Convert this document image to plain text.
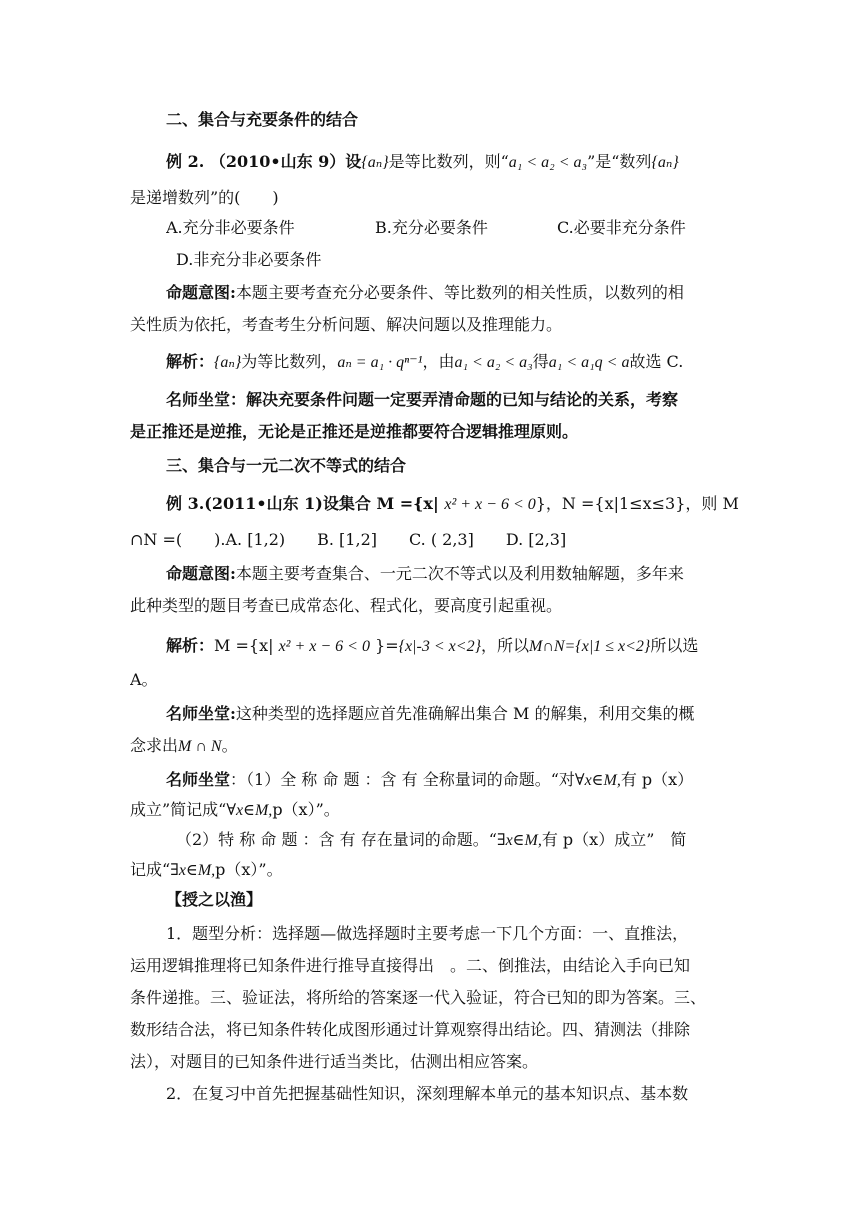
二、集合与充要条件的结合
例 2. （2010•山东 9）设{aₙ}是等比数列，则“a₁ < a₂ < a₃”是“数列{aₙ}
是递增数列”的(　　)
A.充分非必要条件	B.充分必要条件	C.必要非充分条件
D.非充分非必要条件
命题意图:本题主要考查充分必要条件、等比数列的相关性质，以数列的相
关性质为依托，考查考生分析问题、解决问题以及推理能力。
解析：{aₙ}为等比数列，aₙ = a₁ · qⁿ⁻¹，由a₁ < a₂ < a₃得a₁ < a₁q < a故选 C.
名师坐堂：解决充要条件问题一定要弄清命题的已知与结论的关系，考察
是正推还是逆推，无论是正推还是逆推都要符合逻辑推理原则。
三、集合与一元二次不等式的结合
例 3.(2011•山东 1)设集合 M ={x| x² + x − 6 < 0}，N ={x|1≤x≤3}，则 M
∩N =(　　).A. [1,2)　　B. [1,2]　　C. ( 2,3]　　D. [2,3]
命题意图:本题主要考查集合、一元二次不等式以及利用数轴解题，多年来
此种类型的题目考查已成常态化、程式化，要高度引起重视。
解析：M ={x| x² + x − 6 < 0 }={x|-3 < x<2}，所以M∩N={x|1 ≤ x<2}所以选
A。
名师坐堂:这种类型的选择题应首先准确解出集合 M 的解集，利用交集的概
念求出M ∩ N。
名师坐堂：（1）全 称 命 题 ：含 有 全称量词的命题。“对∀x∈M,有 p（x）
成立”简记成“∀x∈M,p（x）”。
（2）特 称 命 题 ：含 有 存在量词的命题。“∃x∈M,有 p（x）成立”　简
记成“∃x∈M,p（x）”。
【授之以渔】
1．题型分析：选择题—做选择题时主要考虑一下几个方面：一、直推法，
运用逻辑推理将已知条件进行推导直接得出　。二、倒推法，由结论入手向已知
条件递推。三、验证法，将所给的答案逐一代入验证，符合已知的即为答案。三、
数形结合法，将已知条件转化成图形通过计算观察得出结论。四、猜测法（排除
法），对题目的已知条件进行适当类比，估测出相应答案。
2．在复习中首先把握基础性知识，深刻理解本单元的基本知识点、基本数
